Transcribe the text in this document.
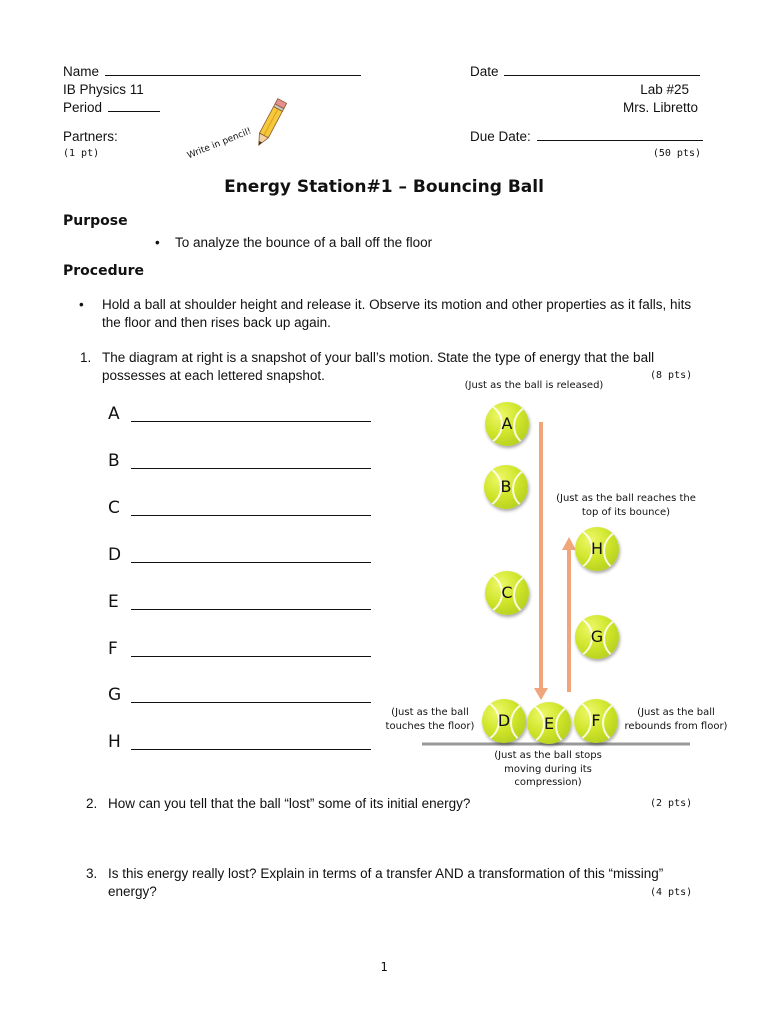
Name
IB Physics 11
Period
Partners:
(1 pt)
Date
Lab #25
Mrs. Libretto
Due Date:
(50 pts)
Write in pencil!
Energy Station#1 – Bouncing Ball
Purpose
• To analyze the bounce of a ball off the floor
Procedure
• Hold a ball at shoulder height and release it. Observe its motion and other properties as it falls, hits the floor and then rises back up again.
1. The diagram at right is a snapshot of your ball’s motion. State the type of energy that the ball possesses at each lettered snapshot.	(8 pts)
A
B
C
D
E
F
G
H
(Just as the ball is released)
(Just as the ball reaches the top of its bounce)
(Just as the ball touches the floor)
(Just as the ball rebounds from floor)
(Just as the ball stops moving during its compression)
A
B
C
D	E	F
G
H
2. How can you tell that the ball “lost” some of its initial energy?	(2 pts)
3. Is this energy really lost? Explain in terms of a transfer AND a transformation of this “missing” energy?	(4 pts)
1
